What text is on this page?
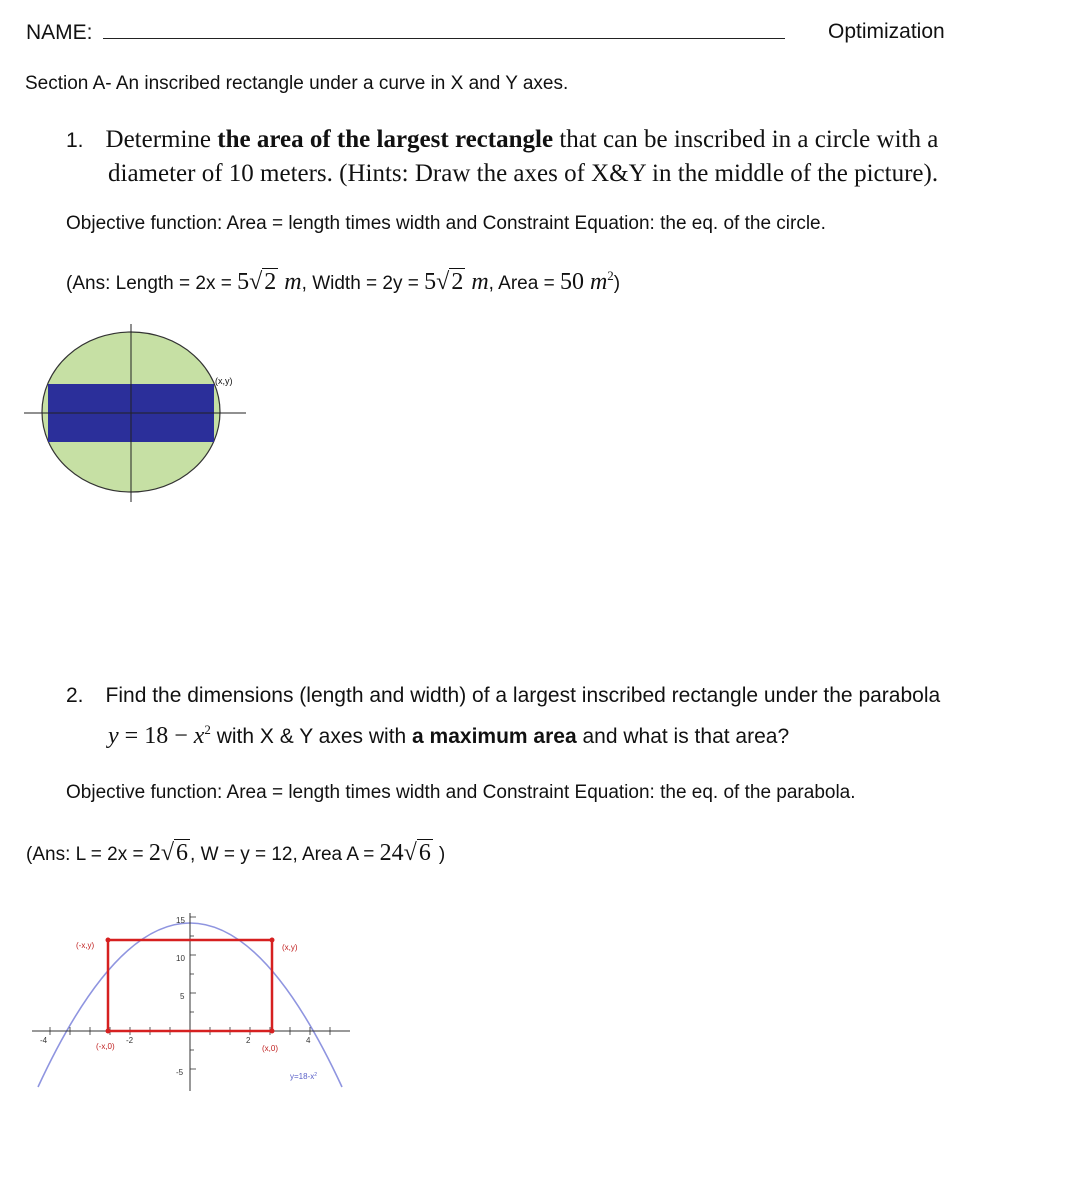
NAME:	Optimization
Section A- An inscribed rectangle under a curve in X and Y axes.
1. Determine the area of the largest rectangle that can be inscribed in a circle with a
diameter of 10 meters. (Hints: Draw the axes of X&Y in the middle of the picture).
Objective function: Area = length times width and Constraint Equation: the eq. of the circle.
(Ans: Length = 2x = 5√2 m, Width = 2y = 5√2 m, Area = 50 $m^2$)
(x,y)
2. Find the dimensions (length and width) of a largest inscribed rectangle under the parabola
$y = 18 - x^2$ with X & Y axes with a maximum area and what is that area?
Objective function: Area = length times width and Constraint Equation: the eq. of the parabola.
(Ans: L = 2x = 2√6 , W = y = 12, Area A = 24√6 )
-4	-2	2	4
15
10
5
-5
(-x,y)	(x,y)
(-x,0)	(x,0)
$y=18-x^2$
